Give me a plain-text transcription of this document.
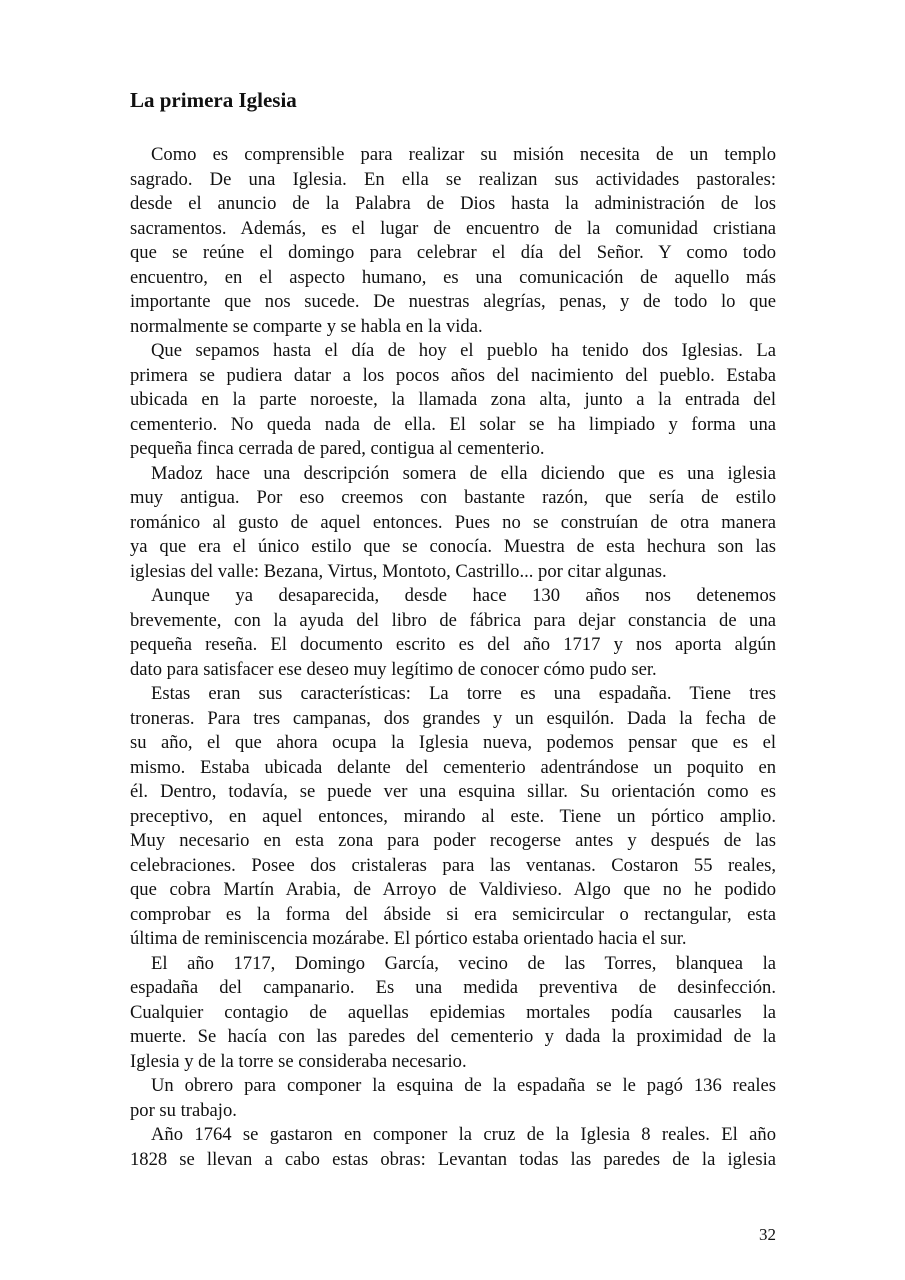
La primera Iglesia
Como es comprensible para realizar su misión necesita de un templo
sagrado. De una Iglesia. En ella se realizan sus actividades pastorales:
desde el anuncio de la Palabra de Dios hasta la administración de los
sacramentos. Además, es el lugar de encuentro de la comunidad cristiana
que se reúne el domingo para celebrar el día del Señor. Y como todo
encuentro, en el aspecto humano, es una comunicación de aquello más
importante que nos sucede. De nuestras alegrías, penas, y de todo lo que
normalmente se comparte y se habla en la vida.
Que sepamos hasta el día de hoy el pueblo ha tenido dos Iglesias. La
primera se pudiera datar a los pocos años del nacimiento del pueblo. Estaba
ubicada en la parte noroeste, la llamada zona alta, junto a la entrada del
cementerio. No queda nada de ella. El solar se ha limpiado y forma una
pequeña finca cerrada de pared, contigua al cementerio.
Madoz hace una descripción somera de ella diciendo que es una iglesia
muy antigua. Por eso creemos con bastante razón, que sería de estilo
románico al gusto de aquel entonces. Pues no se construían de otra manera
ya que era el único estilo que se conocía. Muestra de esta hechura son las
iglesias del valle: Bezana, Virtus, Montoto, Castrillo... por citar algunas.
Aunque ya desaparecida, desde hace 130 años nos detenemos
brevemente, con la ayuda del libro de fábrica para dejar constancia de una
pequeña reseña. El documento escrito es del año 1717 y nos aporta algún
dato para satisfacer ese deseo muy legítimo de conocer cómo pudo ser.
Estas eran sus características: La torre es una espadaña. Tiene tres
troneras. Para tres campanas, dos grandes y un esquilón. Dada la fecha de
su año, el que ahora ocupa la Iglesia nueva, podemos pensar que es el
mismo. Estaba ubicada delante del cementerio adentrándose un poquito en
él. Dentro, todavía, se puede ver una esquina sillar. Su orientación como es
preceptivo, en aquel entonces, mirando al este. Tiene un pórtico amplio.
Muy necesario en esta zona para poder recogerse antes y después de las
celebraciones. Posee dos cristaleras para las ventanas. Costaron 55 reales,
que cobra Martín Arabia, de Arroyo de Valdivieso. Algo que no he podido
comprobar es la forma del ábside si era semicircular o rectangular, esta
última de reminiscencia mozárabe. El pórtico estaba orientado hacia el sur.
El año 1717, Domingo García, vecino de las Torres, blanquea la
espadaña del campanario. Es una medida preventiva de desinfección.
Cualquier contagio de aquellas epidemias mortales podía causarles la
muerte. Se hacía con las paredes del cementerio y dada la proximidad de la
Iglesia y de la torre se consideraba necesario.
Un obrero para componer la esquina de la espadaña se le pagó 136 reales
por su trabajo.
Año 1764 se gastaron en componer la cruz de la Iglesia 8 reales. El año
1828 se llevan a cabo estas obras: Levantan todas las paredes de la iglesia
32
